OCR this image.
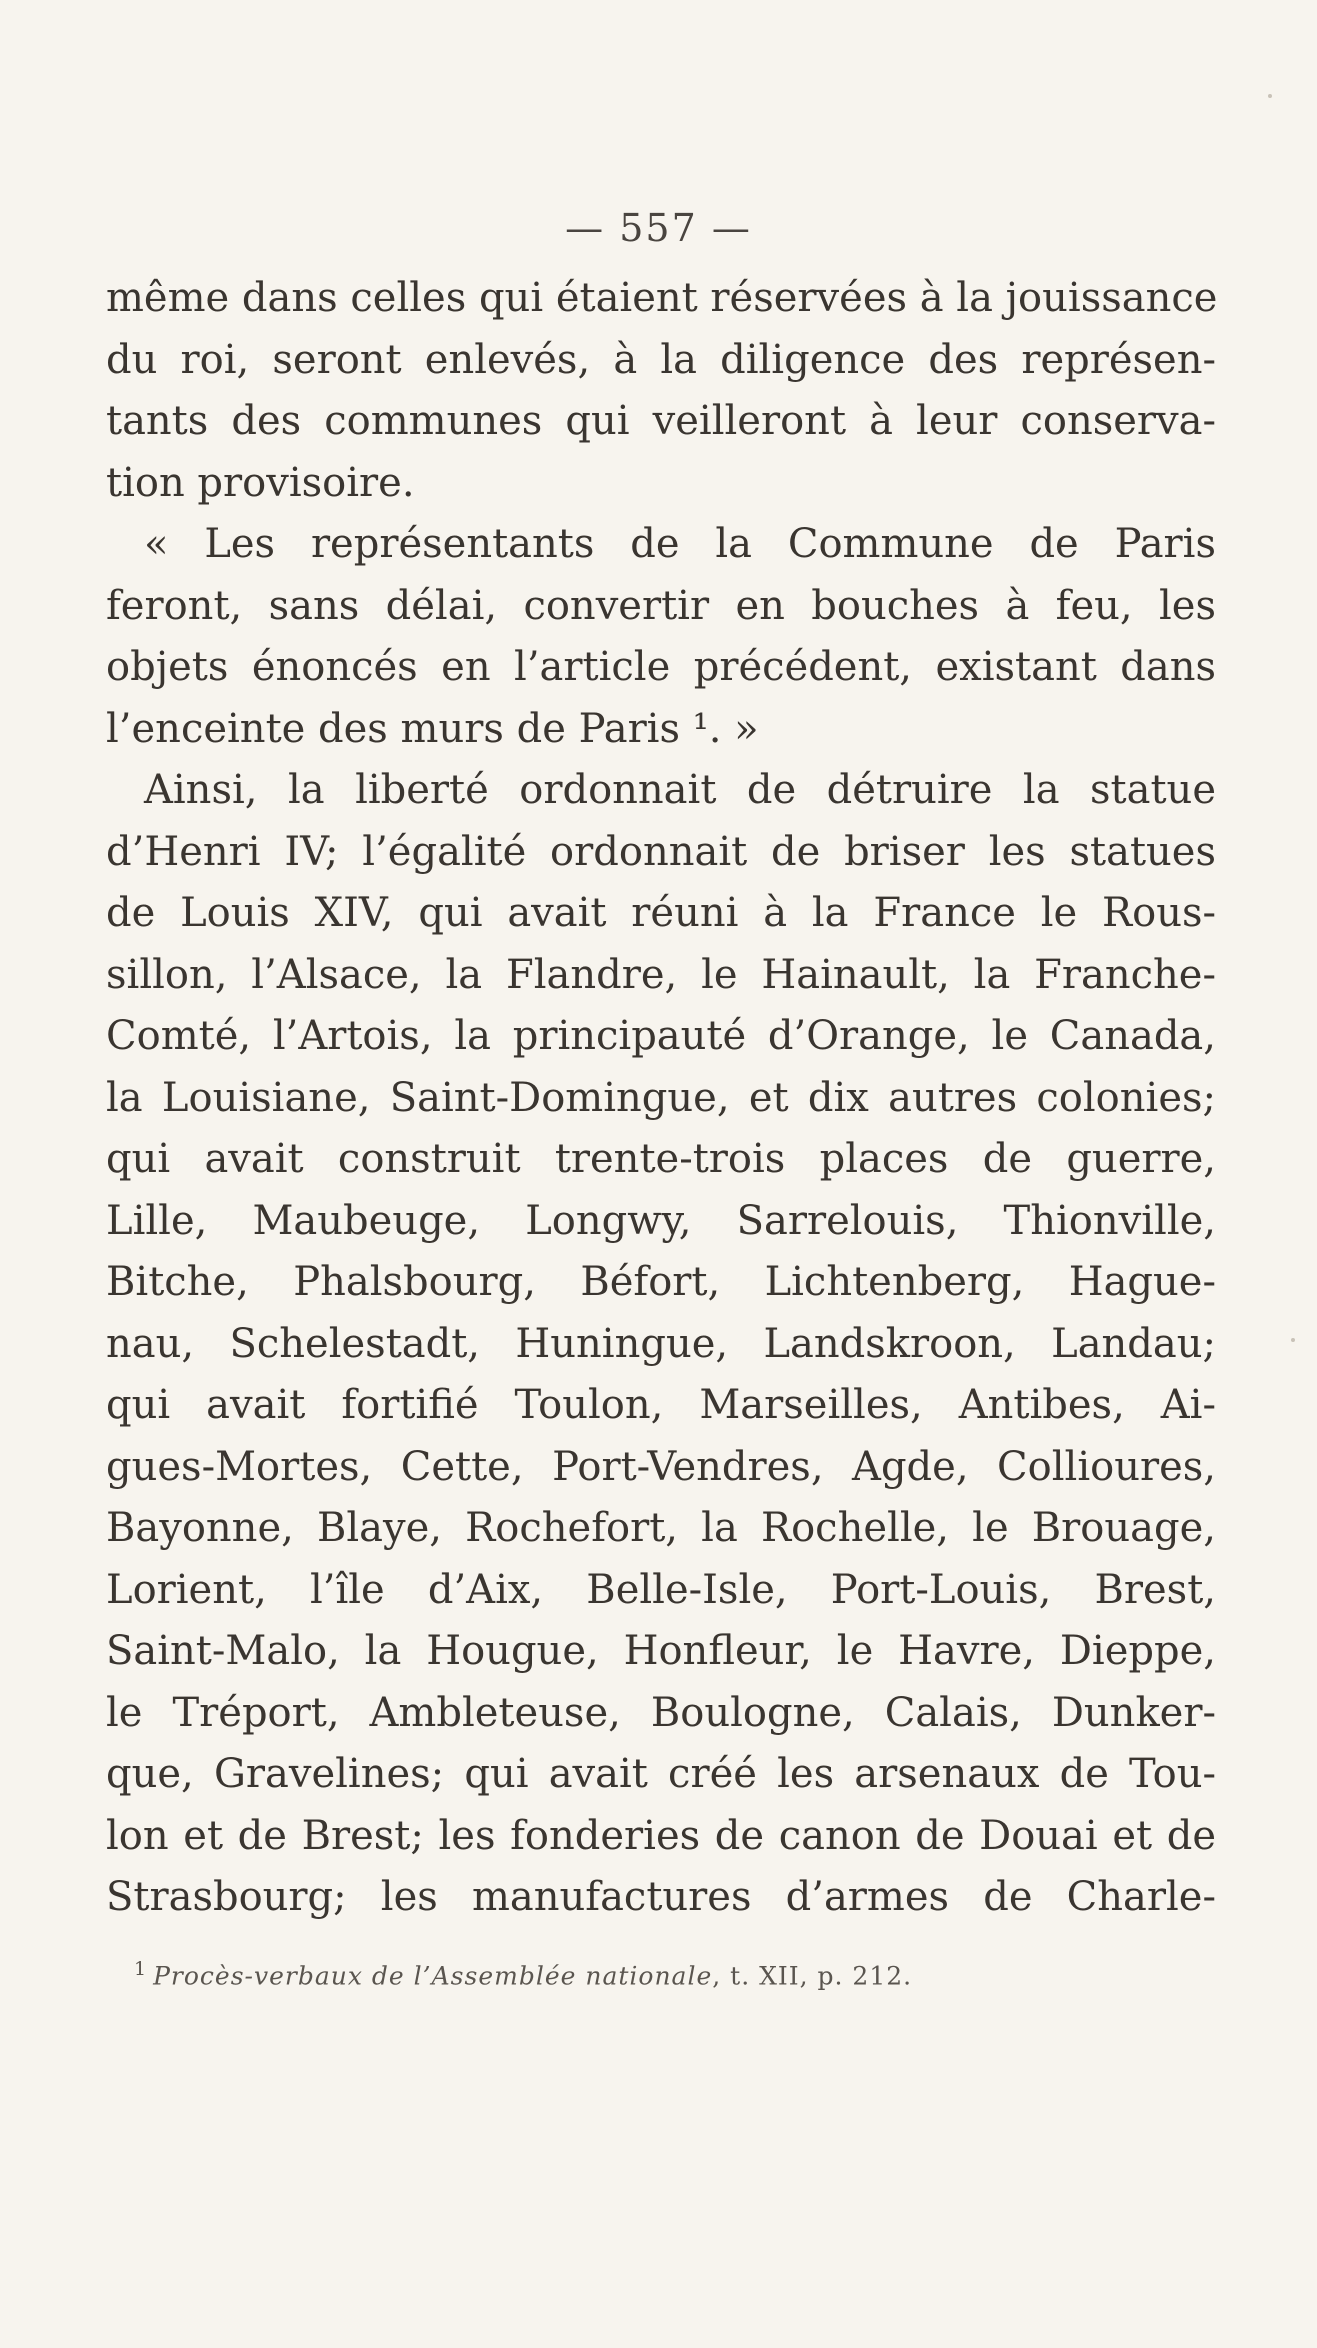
— 557 —
même dans celles qui étaient réservées à la jouissance
du roi, seront enlevés, à la diligence des représen-
tants des communes qui veilleront à leur conserva-
tion provisoire.
« Les représentants de la Commune de Paris
feront, sans délai, convertir en bouches à feu, les
objets énoncés en l’article précédent, existant dans
l’enceinte des murs de Paris ¹. »
Ainsi, la liberté ordonnait de détruire la statue
d’Henri IV; l’égalité ordonnait de briser les statues
de Louis XIV, qui avait réuni à la France le Rous-
sillon, l’Alsace, la Flandre, le Hainault, la Franche-
Comté, l’Artois, la principauté d’Orange, le Canada,
la Louisiane, Saint-Domingue, et dix autres colonies;
qui avait construit trente-trois places de guerre,
Lille, Maubeuge, Longwy, Sarrelouis, Thionville,
Bitche, Phalsbourg, Béfort, Lichtenberg, Hague-
nau, Schelestadt, Huningue, Landskroon, Landau;
qui avait fortifié Toulon, Marseilles, Antibes, Ai-
gues-Mortes, Cette, Port-Vendres, Agde, Collioures,
Bayonne, Blaye, Rochefort, la Rochelle, le Brouage,
Lorient, l’île d’Aix, Belle-Isle, Port-Louis, Brest,
Saint-Malo, la Hougue, Honfleur, le Havre, Dieppe,
le Tréport, Ambleteuse, Boulogne, Calais, Dunker-
que, Gravelines; qui avait créé les arsenaux de Tou-
lon et de Brest; les fonderies de canon de Douai et de
Strasbourg; les manufactures d’armes de Charle-
$^1$ Procès-verbaux de l’Assemblée nationale, t. XII, p. 212.
